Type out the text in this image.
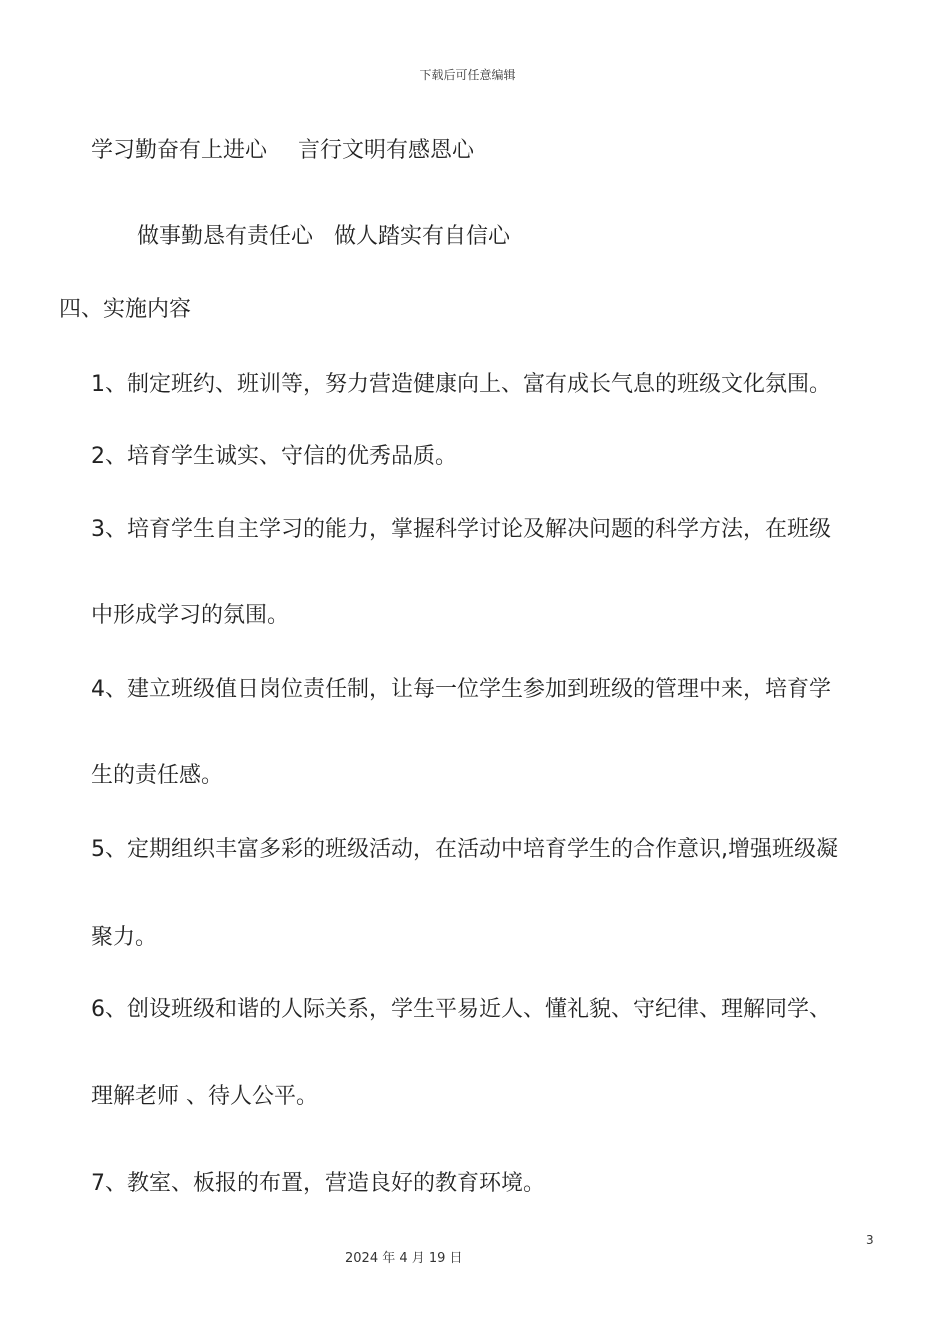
下载后可任意编辑
学习勤奋有上进心 言行文明有感恩心
做事勤恳有责任心 做人踏实有自信心
四、实施内容
1、制定班约、班训等，努力营造健康向上、富有成长气息的班级文化氛围。
2、培育学生诚实、守信的优秀品质。
3、培育学生自主学习的能力，掌握科学讨论及解决问题的科学方法，在班级
中形成学习的氛围。
4、建立班级值日岗位责任制，让每一位学生参加到班级的管理中来，培育学
生的责任感。
5、定期组织丰富多彩的班级活动，在活动中培育学生的合作意识,增强班级凝
聚力。
6、创设班级和谐的人际关系，学生平易近人、懂礼貌、守纪律、理解同学、
理解老师 、待人公平。
7、教室、板报的布置，营造良好的教育环境。
3
2024 年 4 月 19 日
